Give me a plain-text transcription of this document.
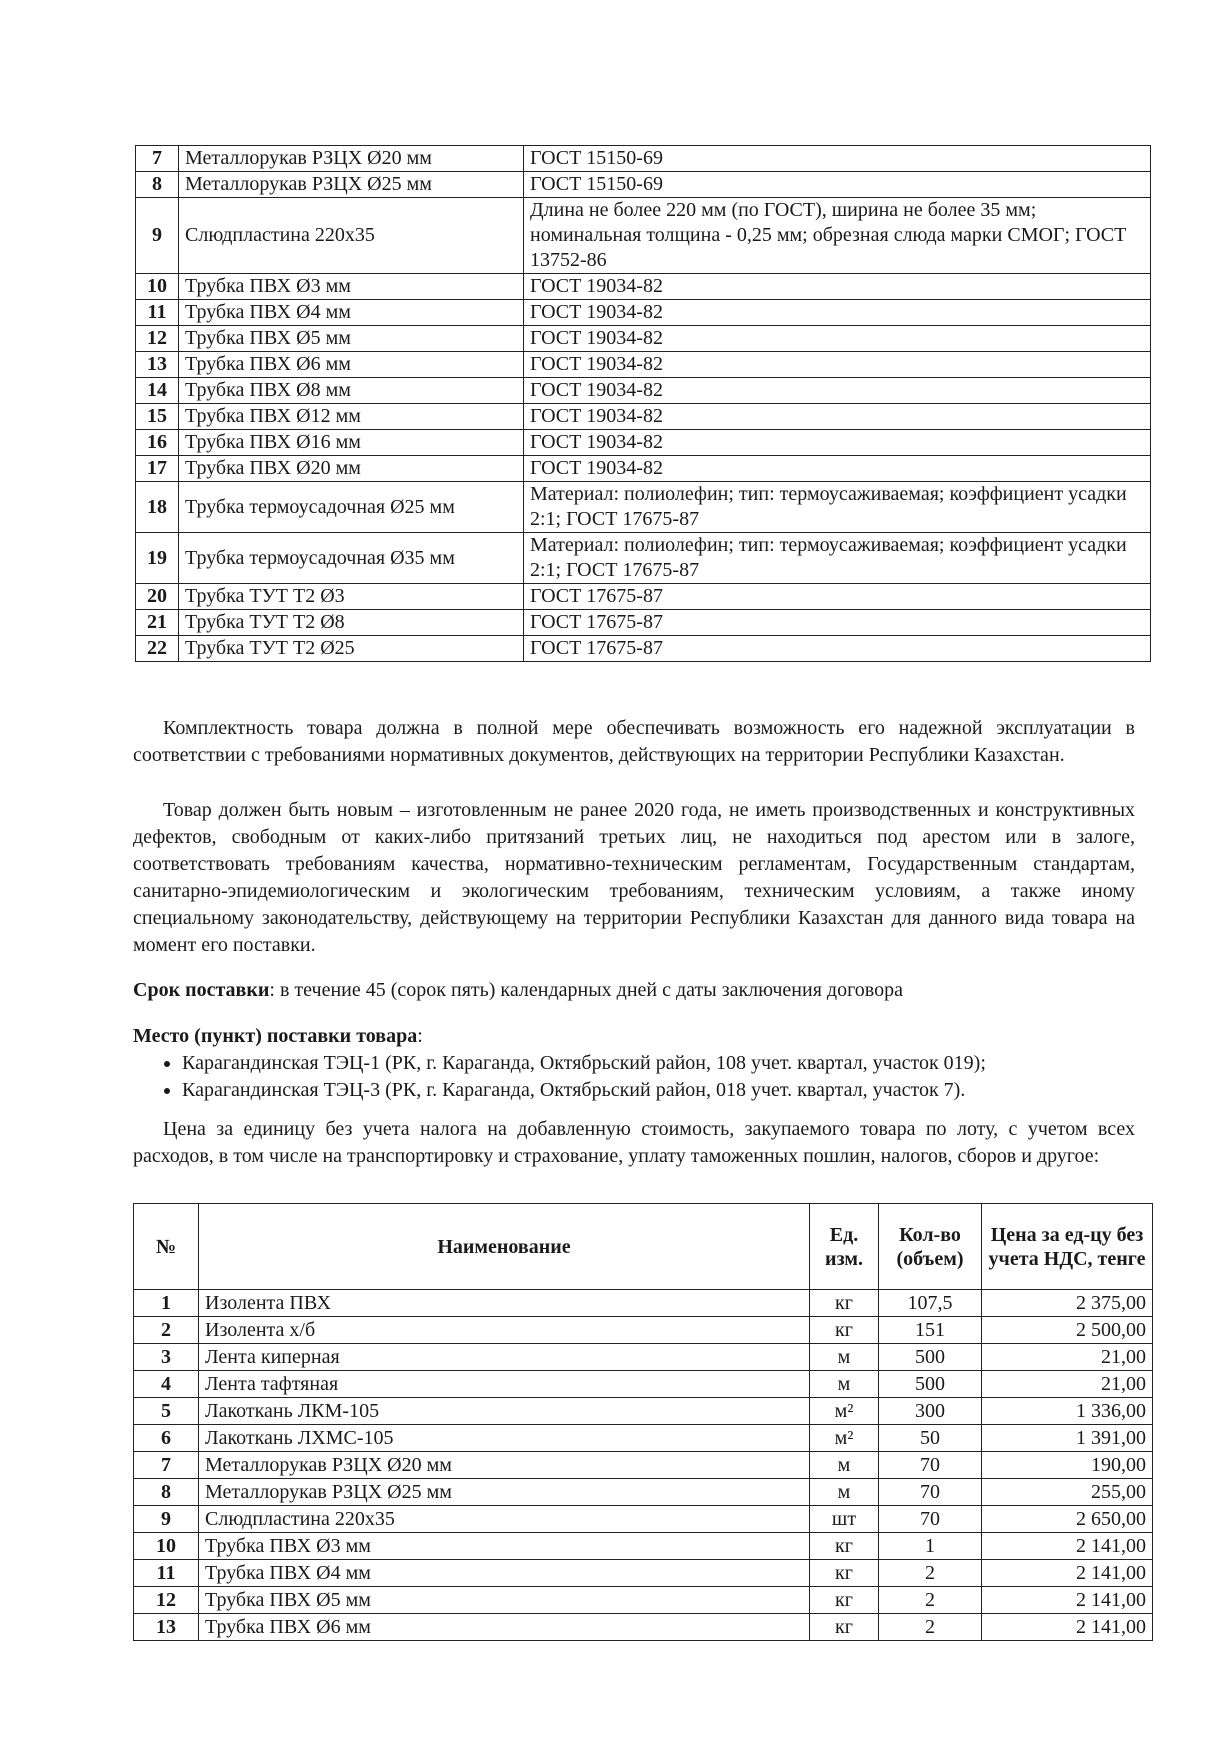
7	Металлорукав РЗЦХ Ø20 мм	ГОСТ 15150-69
8	Металлорукав РЗЦХ Ø25 мм	ГОСТ 15150-69
9	Слюдпластина 220х35	Длина не более 220 мм (по ГОСТ), ширина не более 35 мм; номинальная толщина - 0,25 мм; обрезная слюда марки СМОГ; ГОСТ 13752-86
10	Трубка ПВХ Ø3 мм	ГОСТ 19034-82
11	Трубка ПВХ Ø4 мм	ГОСТ 19034-82
12	Трубка ПВХ Ø5 мм	ГОСТ 19034-82
13	Трубка ПВХ Ø6 мм	ГОСТ 19034-82
14	Трубка ПВХ Ø8 мм	ГОСТ 19034-82
15	Трубка ПВХ Ø12 мм	ГОСТ 19034-82
16	Трубка ПВХ Ø16 мм	ГОСТ 19034-82
17	Трубка ПВХ Ø20 мм	ГОСТ 19034-82
18	Трубка термоусадочная Ø25 мм	Материал: полиолефин; тип: термоусаживаемая; коэффициент усадки 2:1; ГОСТ 17675-87
19	Трубка термоусадочная Ø35 мм	Материал: полиолефин; тип: термоусаживаемая; коэффициент усадки 2:1; ГОСТ 17675-87
20	Трубка ТУТ Т2 Ø3	ГОСТ 17675-87
21	Трубка ТУТ Т2 Ø8	ГОСТ 17675-87
22	Трубка ТУТ Т2 Ø25	ГОСТ 17675-87
Комплектность товара должна в полной мере обеспечивать возможность его надежной эксплуатации в соответствии с требованиями нормативных документов, действующих на территории Республики Казахстан.
Товар должен быть новым – изготовленным не ранее 2020 года, не иметь производственных и конструктивных дефектов, свободным от каких-либо притязаний третьих лиц, не находиться под арестом или в залоге, соответствовать требованиям качества, нормативно-техническим регламентам, Государственным стандартам, санитарно-эпидемиологическим и экологическим требованиям, техническим условиям, а также иному специальному законодательству, действующему на территории Республики Казахстан для данного вида товара на момент его поставки.
Срок поставки: в течение 45 (сорок пять) календарных дней с даты заключения договора
Место (пункт) поставки товара:
• Карагандинская ТЭЦ-1 (РК, г. Караганда, Октябрьский район, 108 учет. квартал, участок 019);
• Карагандинская ТЭЦ-3 (РК, г. Караганда, Октябрьский район, 018 учет. квартал, участок 7).
Цена за единицу без учета налога на добавленную стоимость, закупаемого товара по лоту, с учетом всех расходов, в том числе на транспортировку и страхование, уплату таможенных пошлин, налогов, сборов и другое:
№	Наименование	Ед. изм.	Кол-во (объем)	Цена за ед-цу без учета НДС, тенге
1	Изолента ПВХ	кг	107,5	2 375,00
2	Изолента х/б	кг	151	2 500,00
3	Лента киперная	м	500	21,00
4	Лента тафтяная	м	500	21,00
5	Лакоткань ЛКМ-105	м²	300	1 336,00
6	Лакоткань ЛХМС-105	м²	50	1 391,00
7	Металлорукав РЗЦХ Ø20 мм	м	70	190,00
8	Металлорукав РЗЦХ Ø25 мм	м	70	255,00
9	Слюдпластина 220х35	шт	70	2 650,00
10	Трубка ПВХ Ø3 мм	кг	1	2 141,00
11	Трубка ПВХ Ø4 мм	кг	2	2 141,00
12	Трубка ПВХ Ø5 мм	кг	2	2 141,00
13	Трубка ПВХ Ø6 мм	кг	2	2 141,00
